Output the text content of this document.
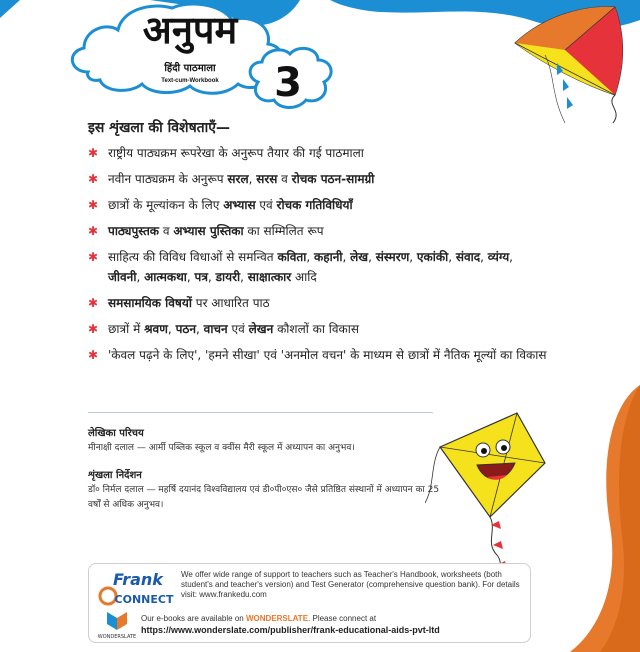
अनुपम
हिंदी पाठमाला
Text-cum-Workbook	3
इस शृंखला की विशेषताएँ—
✱ राष्ट्रीय पाठ्यक्रम रूपरेखा के अनुरूप तैयार की गई पाठमाला
✱ नवीन पाठ्यक्रम के अनुरूप सरल, सरस व रोचक पठन-सामग्री
✱ छात्रों के मूल्यांकन के लिए अभ्यास एवं रोचक गतिविधियाँ
✱ पाठ्यपुस्तक व अभ्यास पुस्तिका का सम्मिलित रूप
✱ साहित्य की विविध विधाओं से समन्वित कविता, कहानी, लेख, संस्मरण, एकांकी, संवाद, व्यंग्य, जीवनी, आत्मकथा, पत्र, डायरी, साक्षात्कार आदि
✱ समसामयिक विषयों पर आधारित पाठ
✱ छात्रों में श्रवण, पठन, वाचन एवं लेखन कौशलों का विकास
✱ 'केवल पढ़ने के लिए', 'हमने सीखा' एवं 'अनमोल वचन' के माध्यम से छात्रों में नैतिक मूल्यों का विकास
लेखिका परिचय
मीनाक्षी दलाल — आर्मी पब्लिक स्कूल व क्वींस मैरी स्कूल में अध्यापन का अनुभव।
शृंखला निर्देशन
डॉ० निर्मल दलाल — महर्षि दयानंद विश्वविद्यालय एवं डी०पी०एस० जैसे प्रतिष्ठित संस्थानों में अध्यापन का 25 वर्षों से अधिक अनुभव।
Frank
CONNECT
We offer wide range of support to teachers such as Teacher's Handbook, worksheets (both student's and teacher's version) and Test Generator (comprehensive question bank). For details visit: www.frankedu.com
WONDERSLATE
Our e-books are available on WONDERSLATE. Please connect at
https://www.wonderslate.com/publisher/frank-educational-aids-pvt-ltd
